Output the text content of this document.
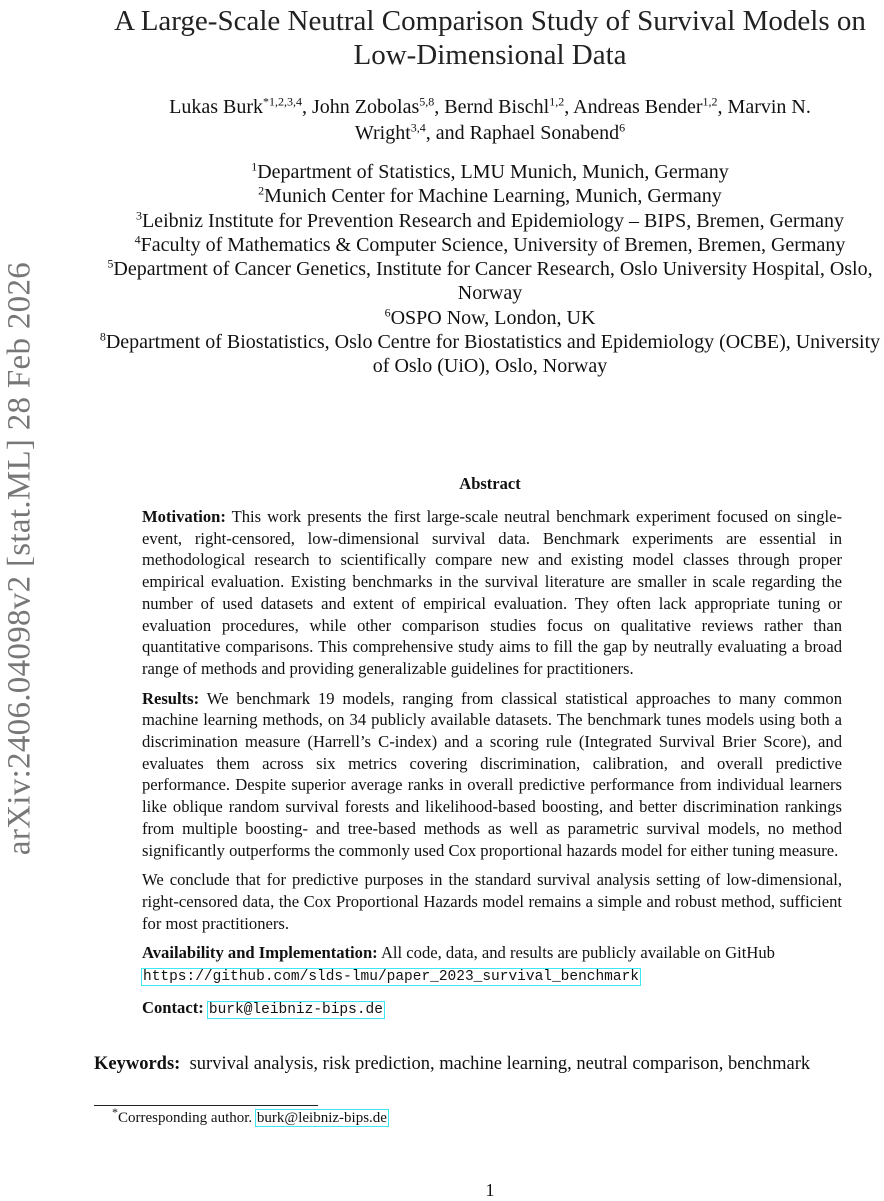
arXiv:2406.04098v2 [stat.ML] 28 Feb 2026
A Large-Scale Neutral Comparison Study of Survival Models on
Low-Dimensional Data
Lukas Burk$^{*1,2,3,4}$, John Zobolas$^{5,8}$, Bernd Bischl$^{1,2}$, Andreas Bender$^{1,2}$, Marvin N. Wright$^{3,4}$, and Raphael Sonabend$^6$
$^1$Department of Statistics, LMU Munich, Munich, Germany
$^2$Munich Center for Machine Learning, Munich, Germany
$^3$Leibniz Institute for Prevention Research and Epidemiology – BIPS, Bremen, Germany
$^4$Faculty of Mathematics & Computer Science, University of Bremen, Bremen, Germany
$^5$Department of Cancer Genetics, Institute for Cancer Research, Oslo University Hospital, Oslo, Norway
$^6$OSPO Now, London, UK
$^8$Department of Biostatistics, Oslo Centre for Biostatistics and Epidemiology (OCBE), University of Oslo (UiO), Oslo, Norway
Abstract

Motivation: This work presents the first large-scale neutral benchmark experiment focused on single-event, right-censored, low-dimensional survival data. Benchmark experiments are essential in methodological research to scientifically compare new and existing model classes through proper empirical evaluation. Existing benchmarks in the survival literature are smaller in scale regarding the number of used datasets and extent of empirical evaluation. They often lack appropriate tuning or evaluation procedures, while other comparison studies focus on qualitative reviews rather than quantitative comparisons. This comprehensive study aims to fill the gap by neutrally evaluating a broad range of methods and providing generalizable guidelines for practitioners.

Results: We benchmark 19 models, ranging from classical statistical approaches to many common machine learning methods, on 34 publicly available datasets. The benchmark tunes models using both a discrimination measure (Harrell’s C-index) and a scoring rule (Integrated Survival Brier Score), and evaluates them across six metrics covering discrimination, calibration, and overall predictive performance. Despite superior average ranks in overall predictive performance from individual learners like oblique random survival forests and likelihood-based boosting, and better discrimination rankings from multiple boosting- and tree-based methods as well as parametric survival models, no method significantly outperforms the commonly used Cox proportional hazards model for either tuning measure.

We conclude that for predictive purposes in the standard survival analysis setting of low-dimensional, right-censored data, the Cox Proportional Hazards model remains a simple and robust method, sufficient for most practitioners.

Availability and Implementation: All code, data, and results are publicly available on GitHub https://github.com/slds-lmu/paper_2023_survival_benchmark

Contact: burk@leibniz-bips.de

Keywords: survival analysis, risk prediction, machine learning, neutral comparison, benchmark
*Corresponding author. burk@leibniz-bips.de
1
